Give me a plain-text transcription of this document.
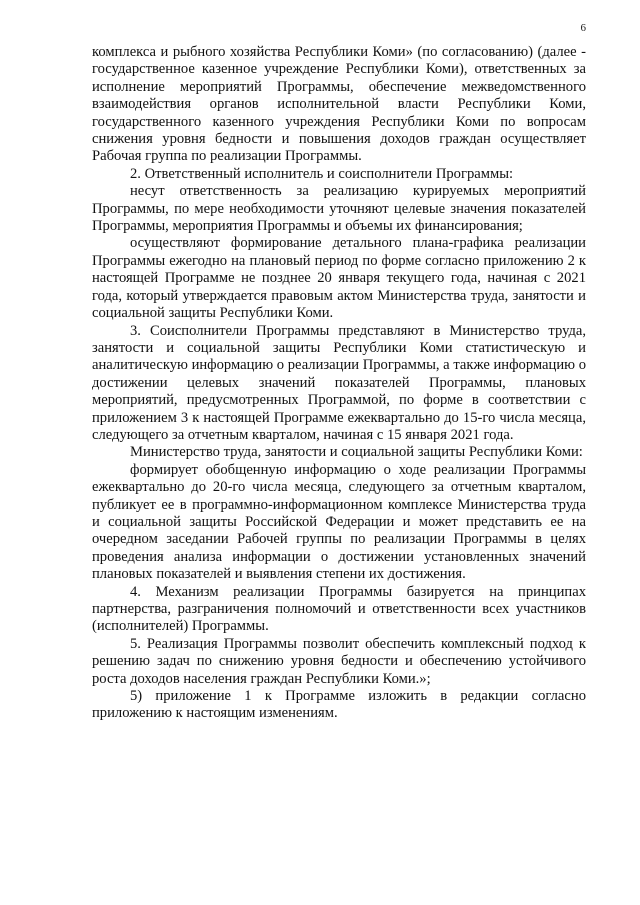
6

комплекса и рыбного хозяйства Республики Коми» (по согласованию) (далее - государственное казенное учреждение Республики Коми), ответственных за исполнение мероприятий Программы, обеспечение межведомственного взаимодействия органов исполнительной власти Республики Коми, государственного казенного учреждения Республики Коми по вопросам снижения уровня бедности и повышения доходов граждан осуществляет Рабочая группа по реализации Программы.

2. Ответственный исполнитель и соисполнители Программы:

несут ответственность за реализацию курируемых мероприятий Программы, по мере необходимости уточняют целевые значения показателей Программы, мероприятия Программы и объемы их финансирования;

осуществляют формирование детального плана-графика реализации Программы ежегодно на плановый период по форме согласно приложению 2 к настоящей Программе не позднее 20 января текущего года, начиная с 2021 года, который утверждается правовым актом Министерства труда, занятости и социальной защиты Республики Коми.

3. Соисполнители Программы представляют в Министерство труда, занятости и социальной защиты Республики Коми статистическую и аналитическую информацию о реализации Программы, а также информацию о достижении целевых значений показателей Программы, плановых мероприятий, предусмотренных Программой, по форме в соответствии с приложением 3 к настоящей Программе ежеквартально до 15-го числа месяца, следующего за отчетным кварталом, начиная с 15 января 2021 года.

Министерство труда, занятости и социальной защиты Республики Коми:

формирует обобщенную информацию о ходе реализации Программы ежеквартально до 20-го числа месяца, следующего за отчетным кварталом, публикует ее в программно-информационном комплексе Министерства труда и социальной защиты Российской Федерации и может представить ее на очередном заседании Рабочей группы по реализации Программы в целях проведения анализа информации о достижении установленных значений плановых показателей и выявления степени их достижения.

4. Механизм реализации Программы базируется на принципах партнерства, разграничения полномочий и ответственности всех участников (исполнителей) Программы.

5. Реализация Программы позволит обеспечить комплексный подход к решению задач по снижению уровня бедности и обеспечению устойчивого роста доходов населения граждан Республики Коми.»;

5) приложение 1 к Программе изложить в редакции согласно приложению к настоящим изменениям.
